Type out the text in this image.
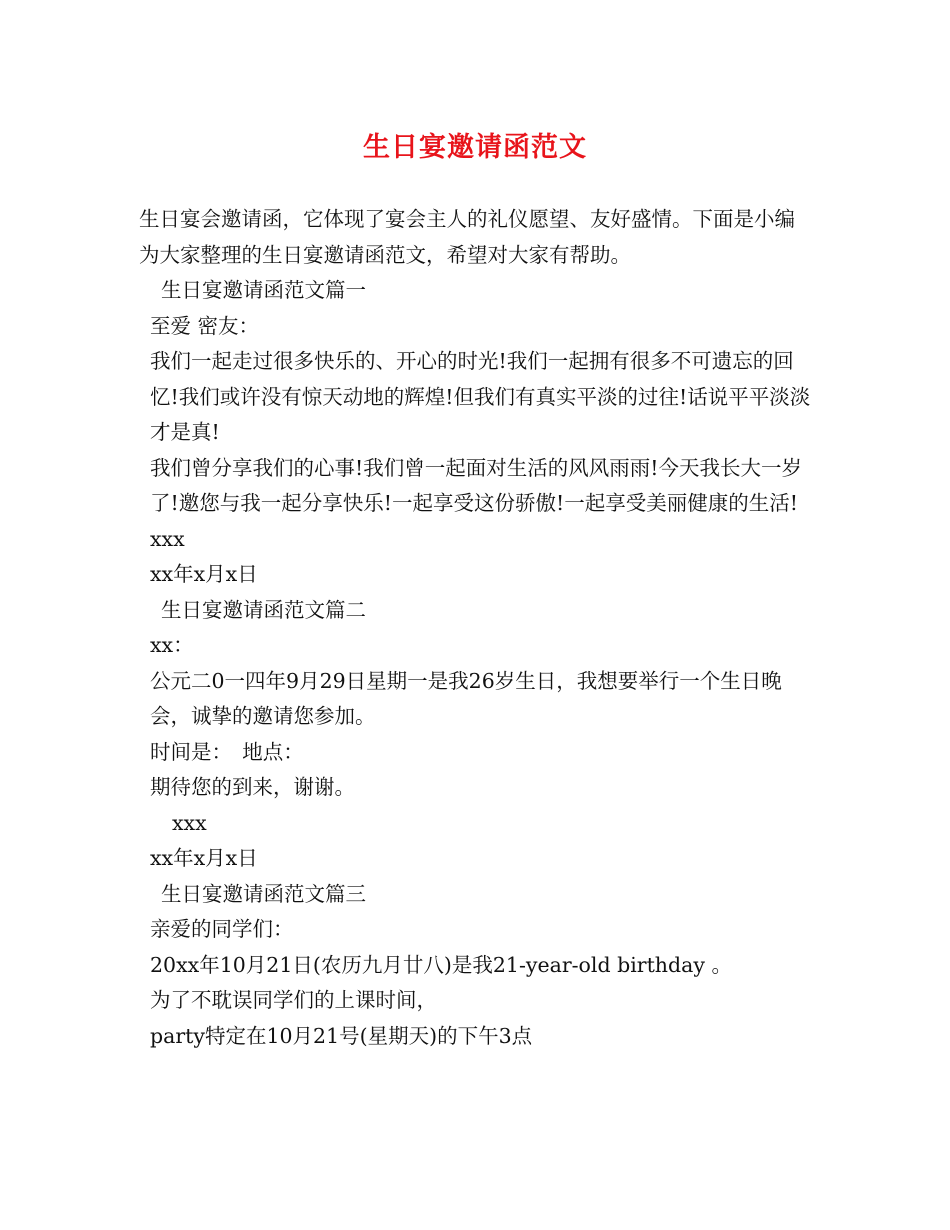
生日宴邀请函范文

生日宴会邀请函，它体现了宴会主人的礼仪愿望、友好盛情。下面是小编为大家整理的生日宴邀请函范文，希望对大家有帮助。

生日宴邀请函范文篇一

至爱 密友：

我们一起走过很多快乐的、开心的时光!我们一起拥有很多不可遗忘的回忆!我们或许没有惊天动地的辉煌!但我们有真实平淡的过往!话说平平淡淡才是真!

我们曾分享我们的心事!我们曾一起面对生活的风风雨雨!今天我长大一岁了!邀您与我一起分享快乐!一起享受这份骄傲!一起享受美丽健康的生活!

xxx

xx年x月x日

生日宴邀请函范文篇二

xx：

公元二0一四年9月29日星期一是我26岁生日，我想要举行一个生日晚会，诚挚的邀请您参加。

时间是：　地点：

期待您的到来，谢谢。

xxx

xx年x月x日

生日宴邀请函范文篇三

亲爱的同学们：

20xx年10月21日(农历九月廿八)是我21-year-old birthday 。

为了不耽误同学们的上课时间，

party特定在10月21号(星期天)的下午3点
